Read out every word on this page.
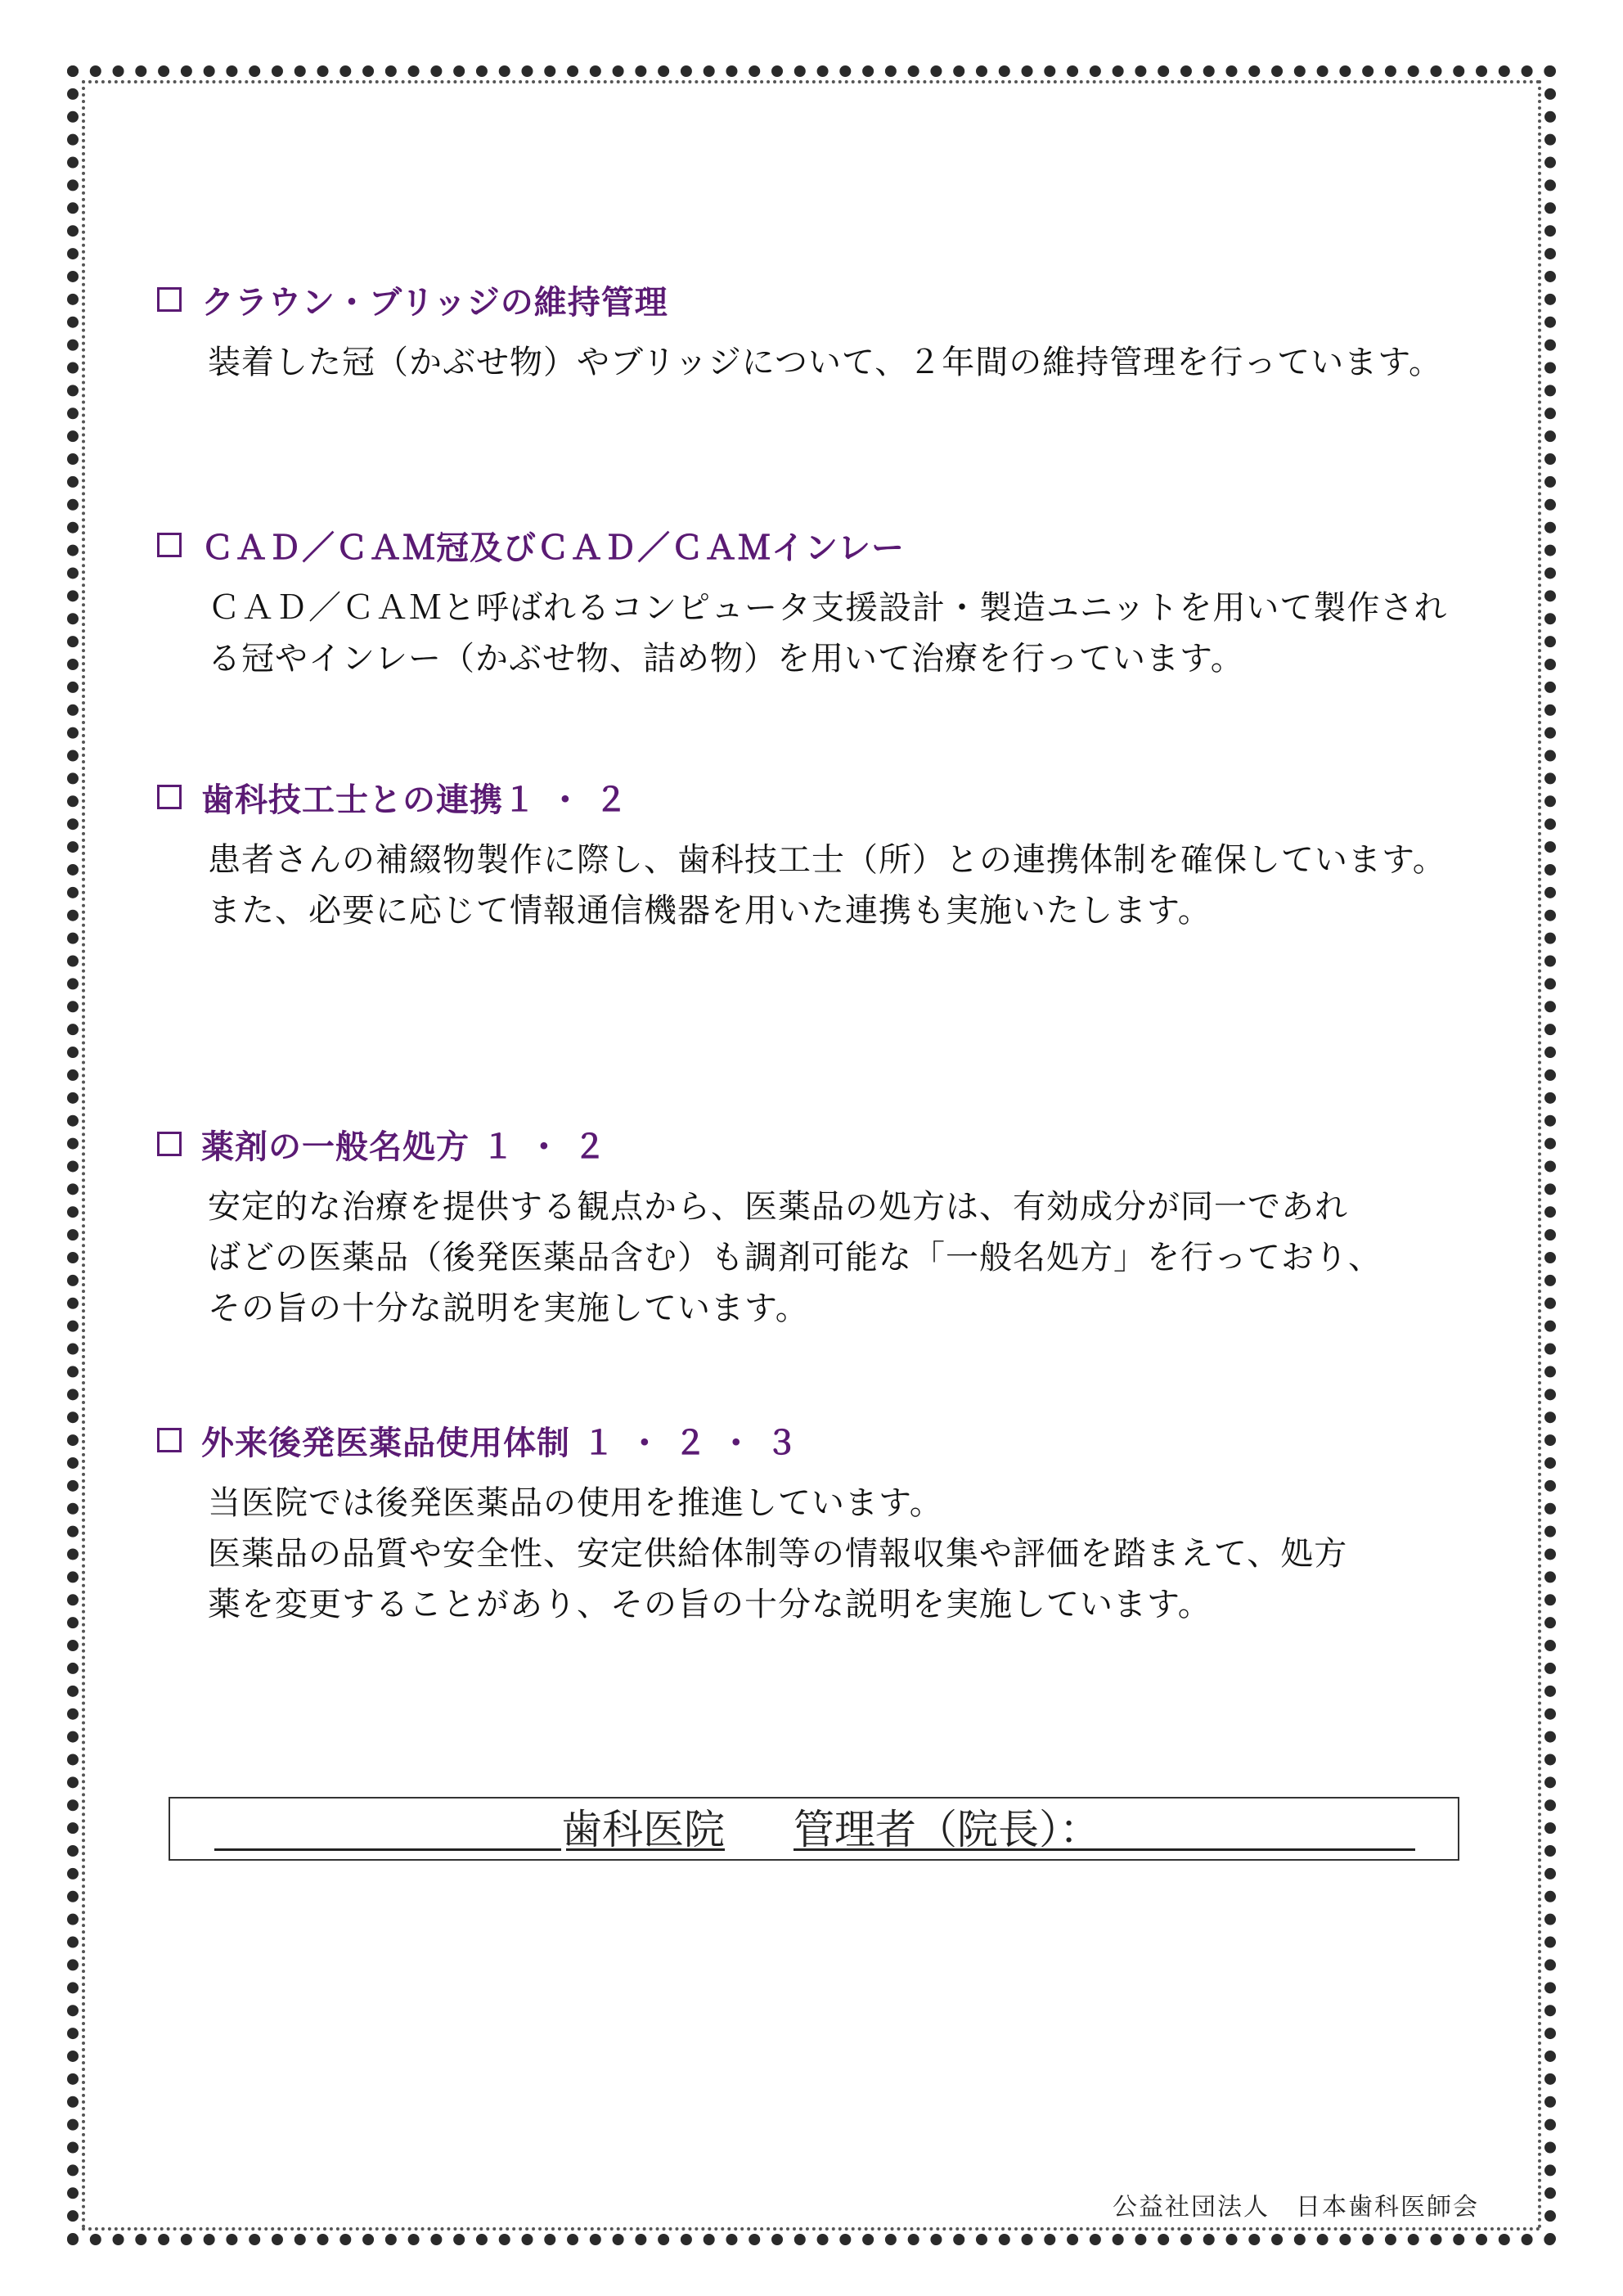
クラウン・ブリッジの維持管理
装着した冠（かぶせ物）やブリッジについて、２年間の維持管理を行っています。
ＣＡＤ／ＣＡＭ冠及びＣＡＤ／ＣＡＭインレー
ＣＡＤ／ＣＡＭと呼ばれるコンピュータ支援設計・製造ユニットを用いて製作され
る冠やインレー（かぶせ物、詰め物）を用いて治療を行っています。
歯科技工士との連携１ ・ ２
患者さんの補綴物製作に際し、歯科技工士（所）との連携体制を確保しています。
また、必要に応じて情報通信機器を用いた連携も実施いたします。
薬剤の一般名処方 １ ・ ２
安定的な治療を提供する観点から、医薬品の処方は、有効成分が同一であれ
ばどの医薬品（後発医薬品含む）も調剤可能な「一般名処方」を行っており、
その旨の十分な説明を実施しています。
外来後発医薬品使用体制 １ ・ ２ ・ ３
当医院では後発医薬品の使用を推進しています。
医薬品の品質や安全性、安定供給体制等の情報収集や評価を踏まえて、処方
薬を変更することがあり、その旨の十分な説明を実施しています。
歯科医院 管理者（院長）：
公益社団法人　日本歯科医師会
